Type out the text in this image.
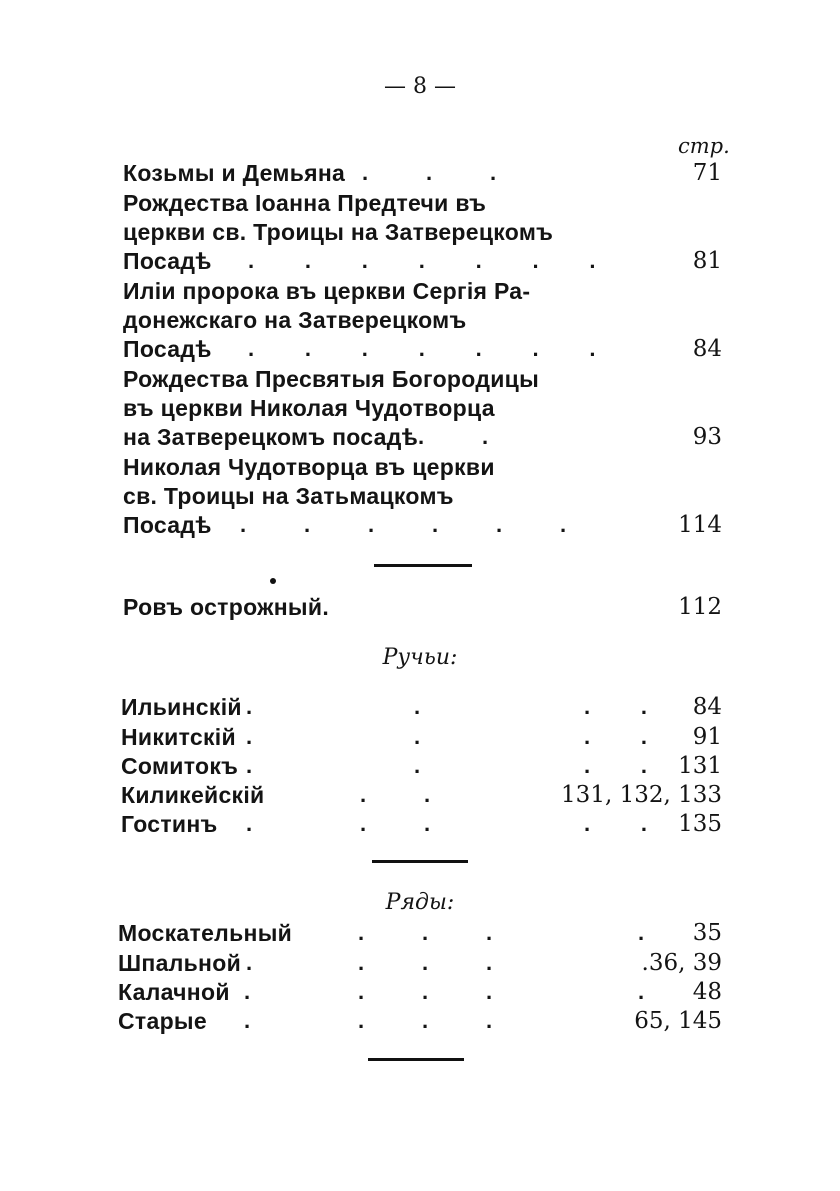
— 8 —
стр.
Козьмы и Демьяна .        .        .	71
Рождества Іоанна Предтечи въ
церкви св. Троицы на Затверецкомъ
Посадѣ .       .       .       .       .       .       .	81
Иліи пророка въ церкви Сергія Ра-
донежскаго на Затверецкомъ
Посадѣ .       .       .       .       .       .       .	84
Рождества Пресвятыя Богородицы
въ церкви Николая Чудотворца
на Затверецкомъ посадѣ .        .	93
Николая Чудотворца въ церкви
св. Троицы на Затьмацкомъ
Посадѣ .        .        .        .        .        .	114
Ровъ острожный.	112
Ручьи:
Ильинскій .	.	.       . 84
Никитскій .	.	.       . 91
Сомитокъ .	.	.       . 131
Киликейскій	.        .	131, 132, 133
Гостинъ .	.        .	.       . 135
Ряды:
Москательный	.        .        .	. 35
Шпальной .	.        .        .	.36, 39
Калачной .	.        .        .	. 48
Старые .	.        .        .	65, 145
